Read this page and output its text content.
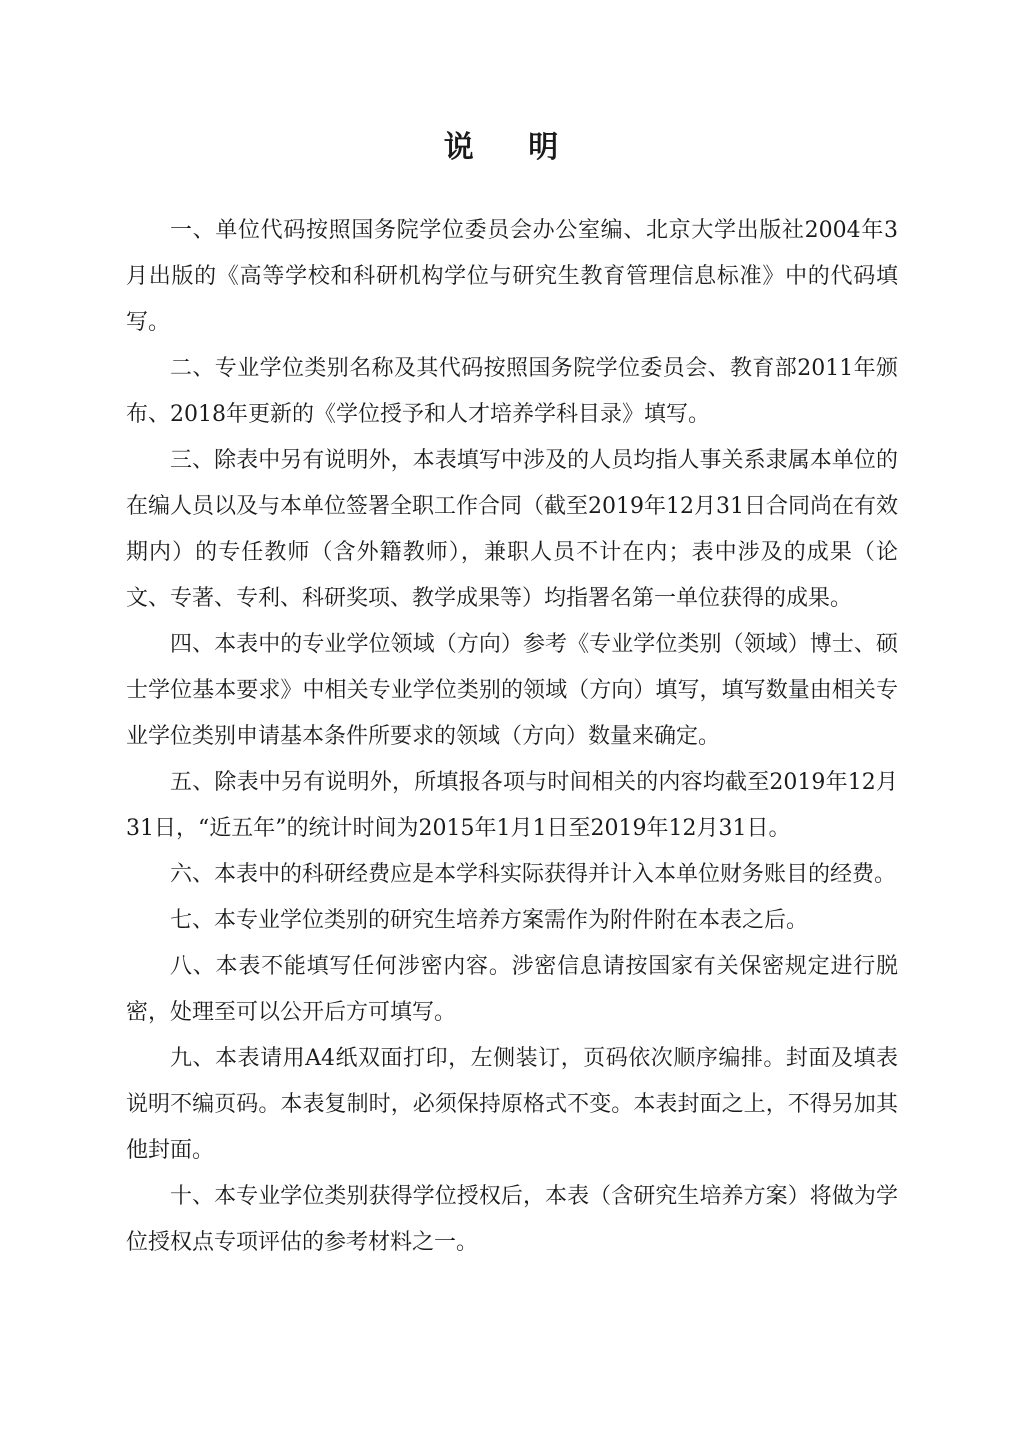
说 明

一、单位代码按照国务院学位委员会办公室编、北京大学出版社2004年3月出版的《高等学校和科研机构学位与研究生教育管理信息标准》中的代码填写。

二、专业学位类别名称及其代码按照国务院学位委员会、教育部2011年颁布、2018年更新的《学位授予和人才培养学科目录》填写。

三、除表中另有说明外，本表填写中涉及的人员均指人事关系隶属本单位的在编人员以及与本单位签署全职工作合同（截至2019年12月31日合同尚在有效期内）的专任教师（含外籍教师），兼职人员不计在内；表中涉及的成果（论文、专著、专利、科研奖项、教学成果等）均指署名第一单位获得的成果。

四、本表中的专业学位领域（方向）参考《专业学位类别（领域）博士、硕士学位基本要求》中相关专业学位类别的领域（方向）填写，填写数量由相关专业学位类别申请基本条件所要求的领域（方向）数量来确定。

五、除表中另有说明外，所填报各项与时间相关的内容均截至2019年12月31日，“近五年”的统计时间为2015年1月1日至2019年12月31日。

六、本表中的科研经费应是本学科实际获得并计入本单位财务账目的经费。

七、本专业学位类别的研究生培养方案需作为附件附在本表之后。

八、本表不能填写任何涉密内容。涉密信息请按国家有关保密规定进行脱密，处理至可以公开后方可填写。

九、本表请用A4纸双面打印，左侧装订，页码依次顺序编排。封面及填表说明不编页码。本表复制时，必须保持原格式不变。本表封面之上，不得另加其他封面。

十、本专业学位类别获得学位授权后，本表（含研究生培养方案）将做为学位授权点专项评估的参考材料之一。
